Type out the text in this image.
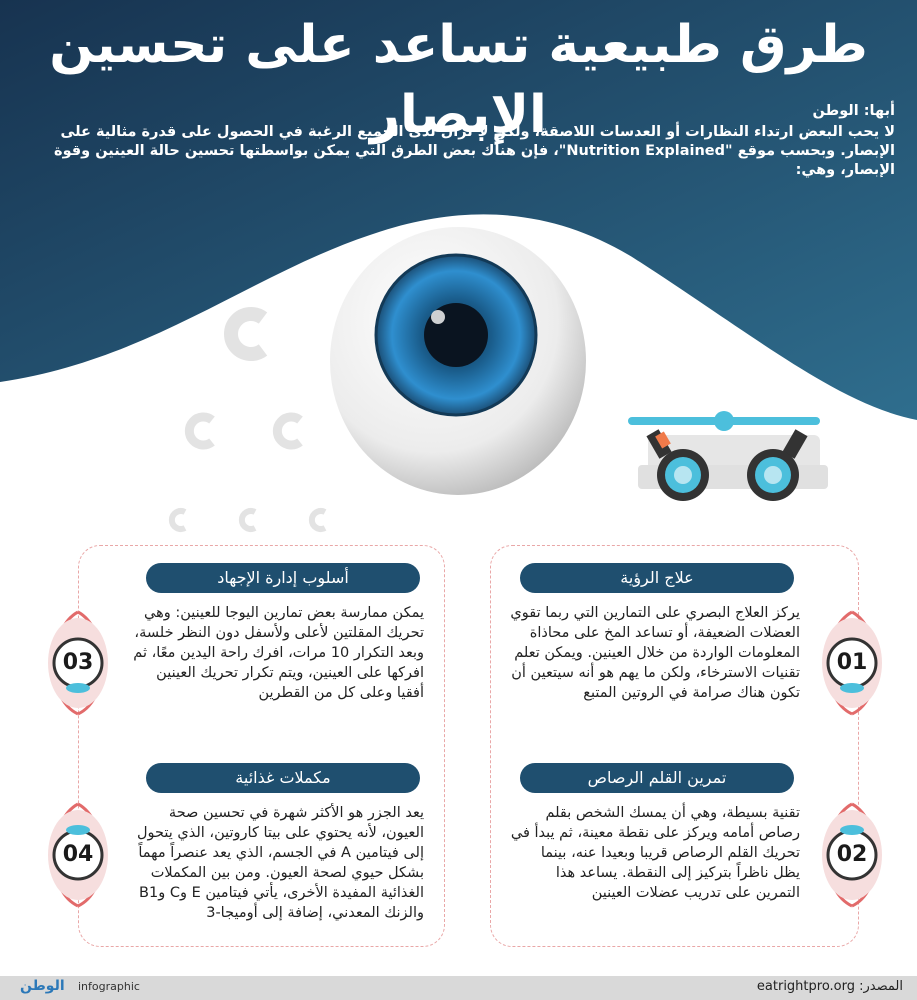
طرق طبيعية تساعد على تحسين الإبصار	أبها: الوطن
لا يحب البعض ارتداء النظارات أو العدسات اللاصقة، ولكن لا تزال لدى الجميع الرغبة في الحصول على قدرة مثالية على الإبصار. وبحسب موقع "Nutrition Explained"، فإن هناك بعض الطرق التي يمكن بواسطتها تحسين حالة العينين وقوة الإبصار، وهي:
علاج الرؤية
يركز العلاج البصري على التمارين التي ربما تقوي العضلات الضعيفة، أو تساعد المخ على محاذاة المعلومات الواردة من خلال العينين. ويمكن تعلم تقنيات الاسترخاء، ولكن ما يهم هو أنه سيتعين أن تكون هناك صرامة في الروتين المتبع
01
أسلوب إدارة الإجهاد
يمكن ممارسة بعض تمارين اليوجا للعينين: وهي تحريك المقلتين لأعلى ولأسفل دون النظر خلسة، وبعد التكرار 10 مرات، افرك راحة اليدين معًا، ثم افركها على العينين، ويتم تكرار تحريك العينين أفقيا وعلى كل من القطرين
03
تمرين القلم الرصاص
تقنية بسيطة، وهي أن يمسك الشخص بقلم رصاص أمامه ويركز على نقطة معينة، ثم يبدأ في تحريك القلم الرصاص قريبا وبعيدا عنه، بينما يظل ناظراً بتركيز إلى النقطة. يساعد هذا التمرين على تدريب عضلات العينين
02
مكملات غذائية
يعد الجزر هو الأكثر شهرة في تحسين صحة العيون، لأنه يحتوي على بيتا كاروتين، الذي يتحول إلى فيتامين A في الجسم، الذي يعد عنصراً مهماً بشكل حيوي لصحة العيون. ومن بين المكملات الغذائية المفيدة الأخرى، يأتي فيتامين E وC وB1 والزنك المعدني، إضافة إلى أوميجا-3
04
المصدر: eatrightpro.org
infographic
الوطن
